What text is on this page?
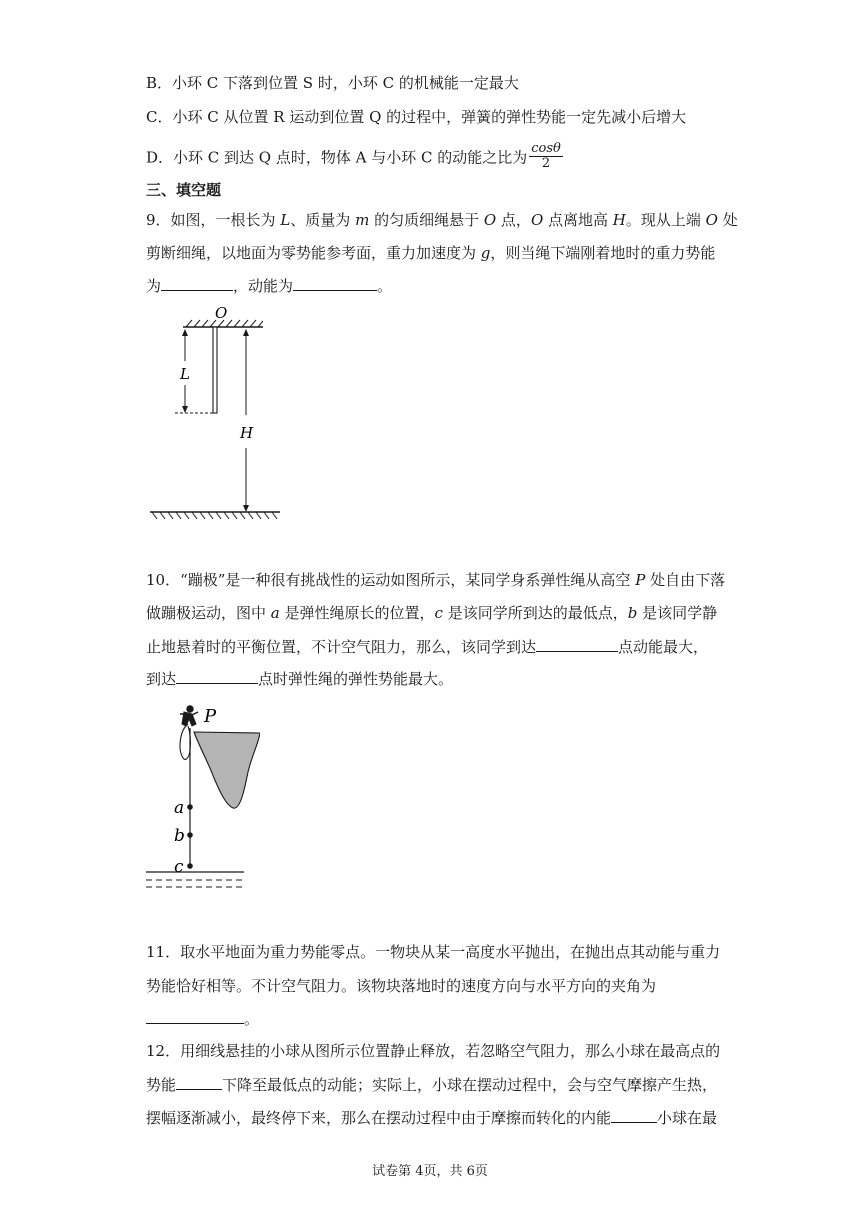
B．小环 C 下落到位置 S 时，小环 C 的机械能一定最大
C．小环 C 从位置 R 运动到位置 Q 的过程中，弹簧的弹性势能一定先减小后增大
D．小环 C 到达 Q 点时，物体 A 与小环 C 的动能之比为 $\frac{\cos\theta}{2}$
三、填空题
9．如图，一根长为 L、质量为 m 的匀质细绳悬于 O 点，O 点离地高 H。现从上端 O 处
剪断细绳，以地面为零势能参考面，重力加速度为 g，则当绳下端刚着地时的重力势能
为	，动能为	。
O
L
H
10．“蹦极”是一种很有挑战性的运动如图所示，某同学身系弹性绳从高空 P 处自由下落
做蹦极运动，图中 a 是弹性绳原长的位置，c 是该同学所到达的最低点，b 是该同学静
止地悬着时的平衡位置，不计空气阻力，那么，该同学到达	点动能最大，
到达	点时弹性绳的弹性势能最大。
P
a
b
c
11．取水平地面为重力势能零点。一物块从某一高度水平抛出，在抛出点其动能与重力
势能恰好相等。不计空气阻力。该物块落地时的速度方向与水平方向的夹角为
。
12．用细线悬挂的小球从图所示位置静止释放，若忽略空气阻力，那么小球在最高点的
势能	下降至最低点的动能；实际上，小球在摆动过程中，会与空气摩擦产生热，
摆幅逐渐减小，最终停下来，那么在摆动过程中由于摩擦而转化的内能	小球在最
试卷第 4页，共 6页
